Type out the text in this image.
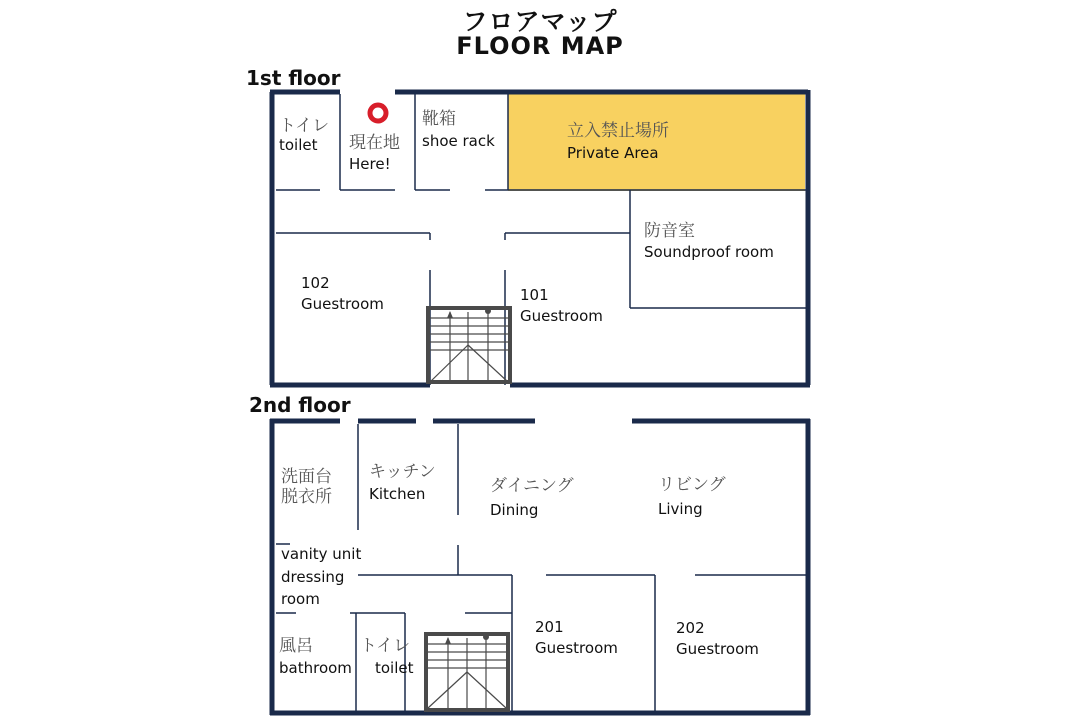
フロアマップ
FLOOR MAP
1st floor
2nd floor
トイレ
toilet	現在地
Here!
靴箱
shoe rack	立入禁止場所
Private Area
防音室
Soundproof room
102
Guestroom
101
Guestroom
洗面台
脱衣所
vanity unit
dressing
room
キッチン
Kitchen	ダイニング
Dining
リビング
Living
風呂
bathroom
トイレ
toilet
201
Guestroom
202
Guestroom
